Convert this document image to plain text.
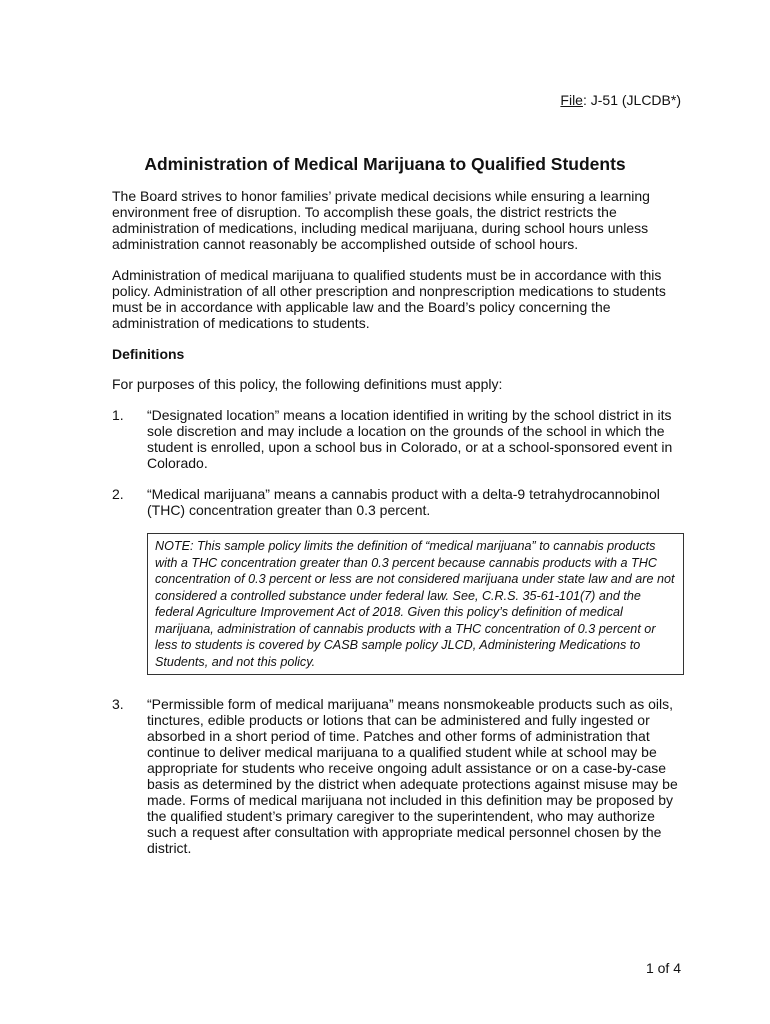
File: J-51 (JLCDB*)
Administration of Medical Marijuana to Qualified Students

The Board strives to honor families’ private medical decisions while ensuring a learning environment free of disruption. To accomplish these goals, the district restricts the administration of medications, including medical marijuana, during school hours unless administration cannot reasonably be accomplished outside of school hours.

Administration of medical marijuana to qualified students must be in accordance with this policy. Administration of all other prescription and nonprescription medications to students must be in accordance with applicable law and the Board’s policy concerning the administration of medications to students.

Definitions

For purposes of this policy, the following definitions must apply:

1.	“Designated location” means a location identified in writing by the school district in its sole discretion and may include a location on the grounds of the school in which the student is enrolled, upon a school bus in Colorado, or at a school-sponsored event in Colorado.
2.	“Medical marijuana” means a cannabis product with a delta-9 tetrahydrocannobinol (THC) concentration greater than 0.3 percent.
NOTE: This sample policy limits the definition of “medical marijuana” to cannabis products with a THC concentration greater than 0.3 percent because cannabis products with a THC concentration of 0.3 percent or less are not considered marijuana under state law and are not considered a controlled substance under federal law. See, C.R.S. 35-61-101(7) and the federal Agriculture Improvement Act of 2018. Given this policy’s definition of medical marijuana, administration of cannabis products with a THC concentration of 0.3 percent or less to students is covered by CASB sample policy JLCD, Administering Medications to Students, and not this policy.
3.	“Permissible form of medical marijuana” means nonsmokeable products such as oils, tinctures, edible products or lotions that can be administered and fully ingested or absorbed in a short period of time. Patches and other forms of administration that continue to deliver medical marijuana to a qualified student while at school may be appropriate for students who receive ongoing adult assistance or on a case-by-case basis as determined by the district when adequate protections against misuse may be made. Forms of medical marijuana not included in this definition may be proposed by the qualified student’s primary caregiver to the superintendent, who may authorize such a request after consultation with appropriate medical personnel chosen by the district.
1 of 4
